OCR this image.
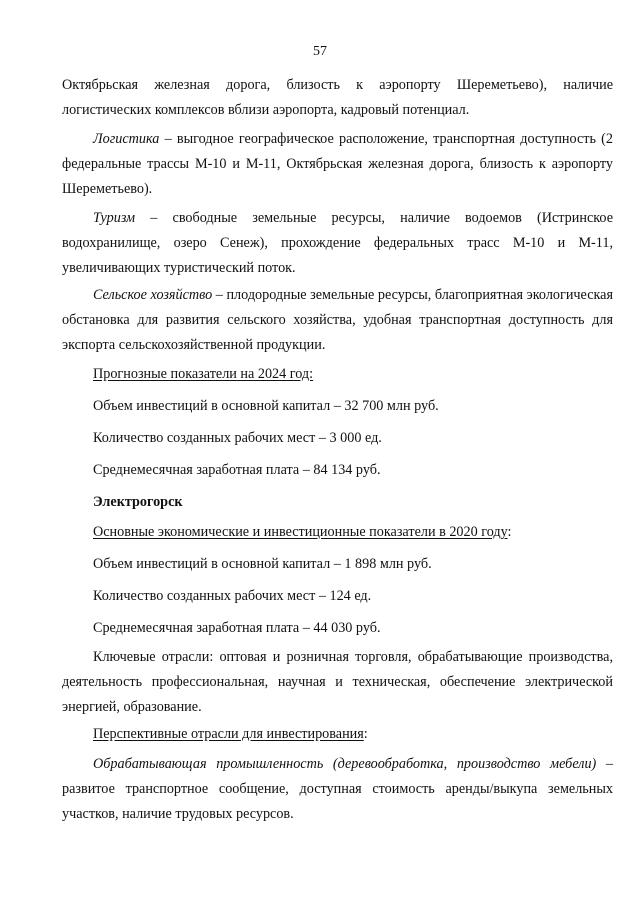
57

Октябрьская железная дорога, близость к аэропорту Шереметьево), наличие логистических комплексов вблизи аэропорта, кадровый потенциал.

Логистика – выгодное географическое расположение, транспортная доступность (2 федеральные трассы М-10 и М-11, Октябрьская железная дорога, близость к аэропорту Шереметьево).

Туризм – свободные земельные ресурсы, наличие водоемов (Истринское водохранилище, озеро Сенеж), прохождение федеральных трасс М-10 и М-11, увеличивающих туристический поток.

Сельское хозяйство – плодородные земельные ресурсы, благоприятная экологическая обстановка для развития сельского хозяйства, удобная транспортная доступность для экспорта сельскохозяйственной продукции.

Прогнозные показатели на 2024 год:

Объем инвестиций в основной капитал – 32 700 млн руб.

Количество созданных рабочих мест – 3 000 ед.

Среднемесячная заработная плата – 84 134 руб.

Электрогорск

Основные экономические и инвестиционные показатели в 2020 году:

Объем инвестиций в основной капитал – 1 898 млн руб.

Количество созданных рабочих мест – 124 ед.

Среднемесячная заработная плата – 44 030 руб.

Ключевые отрасли: оптовая и розничная торговля, обрабатывающие производства, деятельность профессиональная, научная и техническая, обеспечение электрической энергией, образование.

Перспективные отрасли для инвестирования:

Обрабатывающая промышленность (деревообработка, производство мебели) – развитое транспортное сообщение, доступная стоимость аренды/выкупа земельных участков, наличие трудовых ресурсов.
